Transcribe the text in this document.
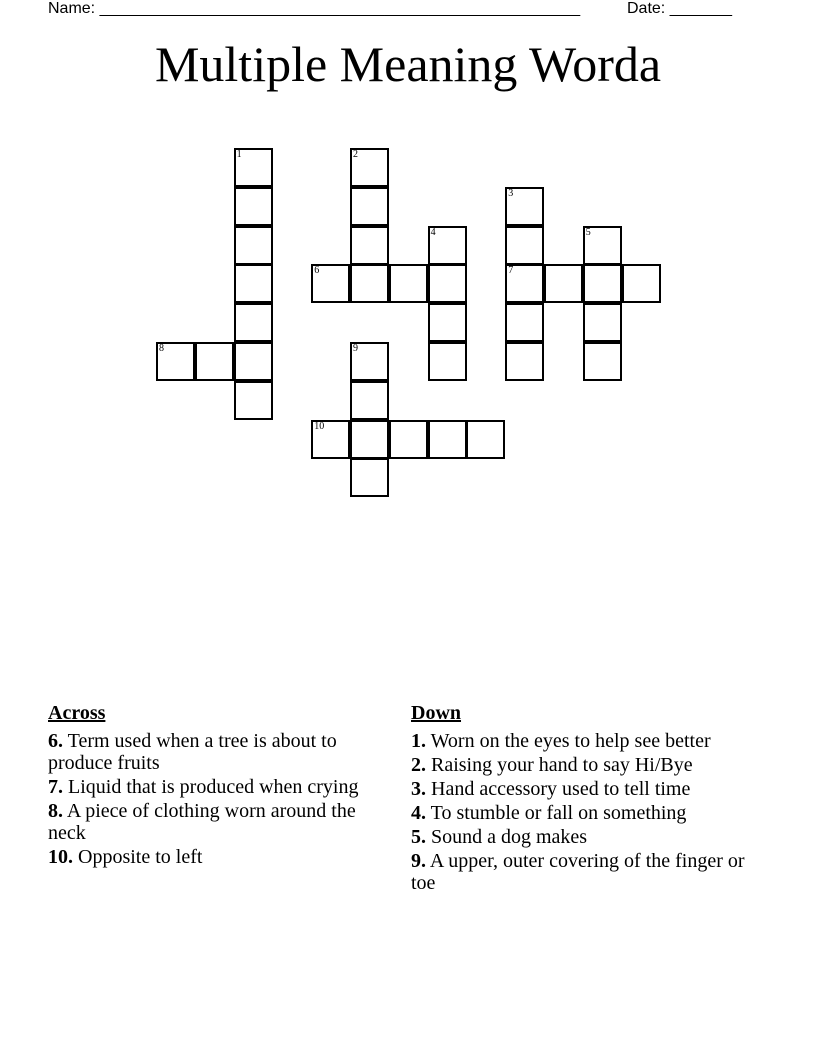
Name: ______________________________________________________	Date: _______
Multiple Meaning Worda
1	2
3
7
4	5
6
8	9
10
Across
6. Term used when a tree is about to produce fruits
7. Liquid that is produced when crying
8. A piece of clothing worn around the neck
10. Opposite to left
Down
1. Worn on the eyes to help see better
2. Raising your hand to say Hi/Bye
3. Hand accessory used to tell time
4. To stumble or fall on something
5. Sound a dog makes
9. A upper, outer covering of the finger or toe
